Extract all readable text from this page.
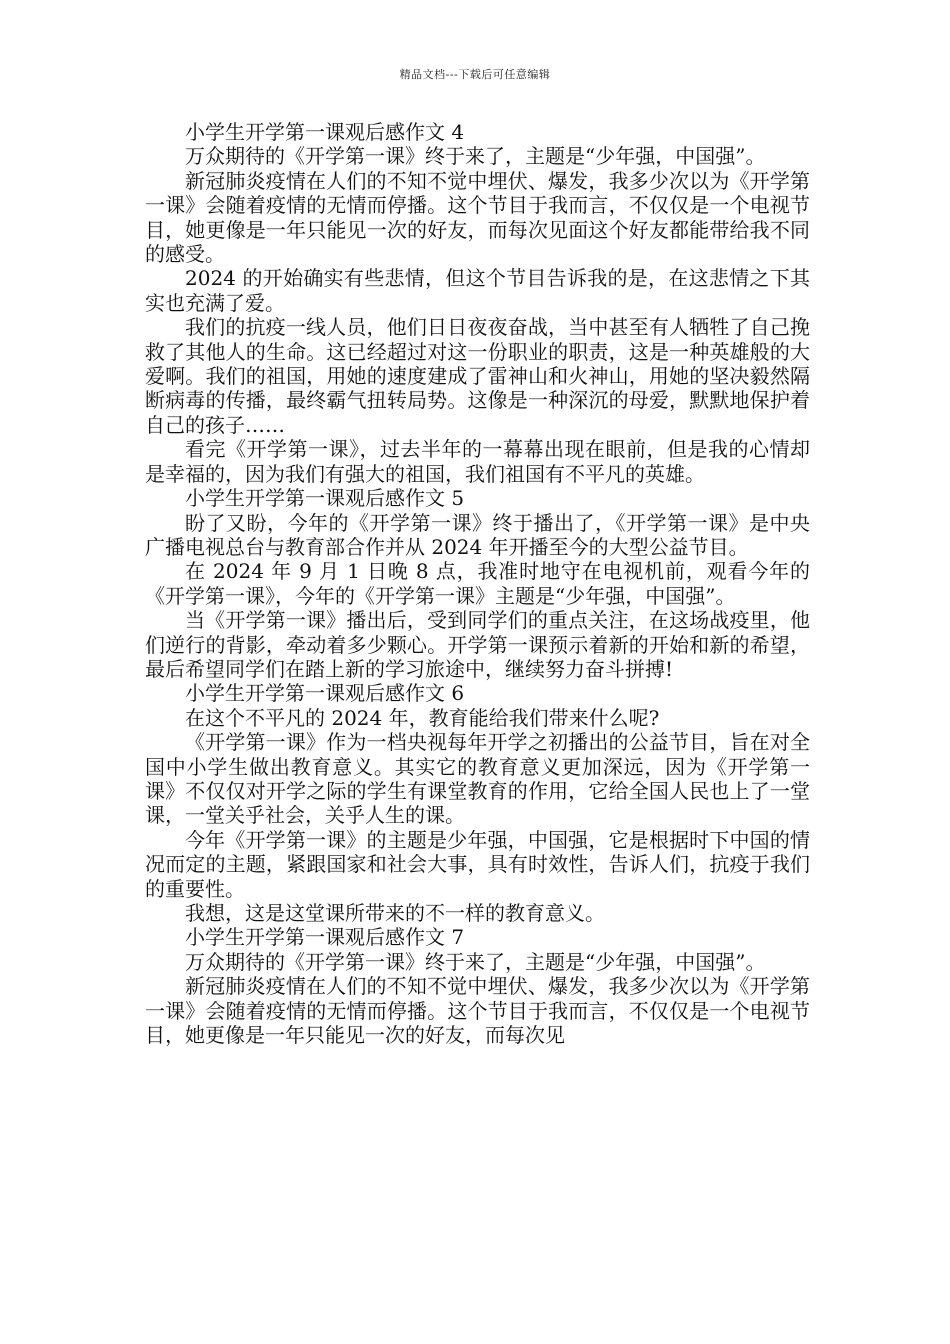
精品文档---下载后可任意编辑

小学生开学第一课观后感作文 4

万众期待的《开学第一课》终于来了，主题是“少年强，中国强”。

新冠肺炎疫情在人们的不知不觉中埋伏、爆发，我多少次以为《开学第一课》会随着疫情的无情而停播。这个节目于我而言，不仅仅是一个电视节目，她更像是一年只能见一次的好友，而每次见面这个好友都能带给我不同的感受。

2024 的开始确实有些悲情，但这个节目告诉我的是，在这悲情之下其实也充满了爱。

我们的抗疫一线人员，他们日日夜夜奋战，当中甚至有人牺牲了自己挽救了其他人的生命。这已经超过对这一份职业的职责，这是一种英雄般的大爱啊。我们的祖国，用她的速度建成了雷神山和火神山，用她的坚决毅然隔断病毒的传播，最终霸气扭转局势。这像是一种深沉的母爱，默默地保护着自己的孩子……

看完《开学第一课》，过去半年的一幕幕出现在眼前，但是我的心情却是幸福的，因为我们有强大的祖国，我们祖国有不平凡的英雄。

小学生开学第一课观后感作文 5

盼了又盼，今年的《开学第一课》终于播出了，《开学第一课》是中央广播电视总台与教育部合作并从 2024 年开播至今的大型公益节目。

在 2024 年 9 月 1 日晚 8 点，我准时地守在电视机前，观看今年的《开学第一课》，今年的《开学第一课》主题是“少年强，中国强”。

当《开学第一课》播出后，受到同学们的重点关注，在这场战疫里，他们逆行的背影，牵动着多少颗心。开学第一课预示着新的开始和新的希望，最后希望同学们在踏上新的学习旅途中，继续努力奋斗拼搏!

小学生开学第一课观后感作文 6

在这个不平凡的 2024 年，教育能给我们带来什么呢?

《开学第一课》作为一档央视每年开学之初播出的公益节目，旨在对全国中小学生做出教育意义。其实它的教育意义更加深远，因为《开学第一课》不仅仅对开学之际的学生有课堂教育的作用，它给全国人民也上了一堂课，一堂关乎社会，关乎人生的课。

今年《开学第一课》的主题是少年强，中国强，它是根据时下中国的情况而定的主题，紧跟国家和社会大事，具有时效性，告诉人们，抗疫于我们的重要性。

我想，这是这堂课所带来的不一样的教育意义。

小学生开学第一课观后感作文 7

万众期待的《开学第一课》终于来了，主题是“少年强，中国强”。

新冠肺炎疫情在人们的不知不觉中埋伏、爆发，我多少次以为《开学第一课》会随着疫情的无情而停播。这个节目于我而言，不仅仅是一个电视节目，她更像是一年只能见一次的好友，而每次见
